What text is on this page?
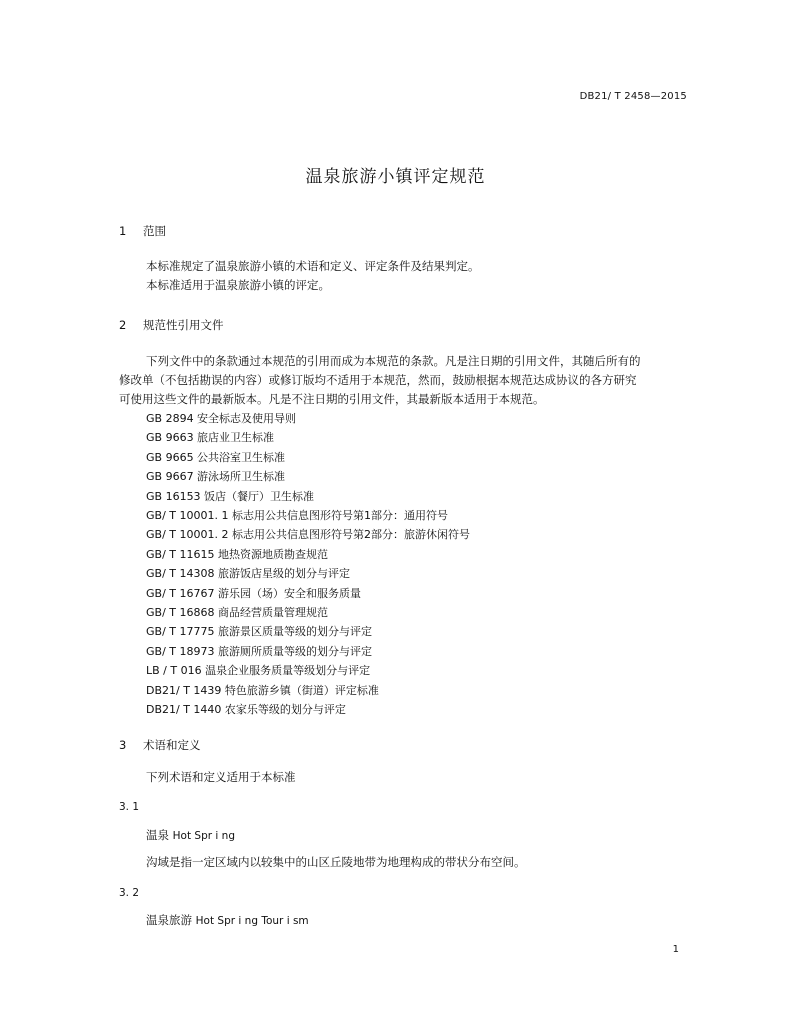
DB21/ T 2458—2015
温泉旅游小镇评定规范
1 范围
本标准规定了温泉旅游小镇的术语和定义、评定条件及结果判定。
本标准适用于温泉旅游小镇的评定。
2 规范性引用文件
下列文件中的条款通过本规范的引用而成为本规范的条款。凡是注日期的引用文件，其随后所有的
修改单（不包括勘误的内容）或修订版均不适用于本规范，然而，鼓励根据本规范达成协议的各方研究
可使用这些文件的最新版本。凡是不注日期的引用文件，其最新版本适用于本规范。
GB 2894 安全标志及使用导则
GB 9663 旅店业卫生标准
GB 9665 公共浴室卫生标准
GB 9667 游泳场所卫生标准
GB 16153 饭店（餐厅）卫生标准
GB/ T 10001. 1 标志用公共信息图形符号第1部分：通用符号
GB/ T 10001. 2 标志用公共信息图形符号第2部分：旅游休闲符号
GB/ T 11615 地热资源地质勘查规范
GB/ T 14308 旅游饭店星级的划分与评定
GB/ T 16767 游乐园（场）安全和服务质量
GB/ T 16868 商品经营质量管理规范
GB/ T 17775 旅游景区质量等级的划分与评定
GB/ T 18973 旅游厕所质量等级的划分与评定
LB / T 016 温泉企业服务质量等级划分与评定
DB21/ T 1439 特色旅游乡镇（街道）评定标准
DB21/ T 1440 农家乐等级的划分与评定
3 术语和定义
下列术语和定义适用于本标准
3. 1
温泉 Hot Spr i ng
沟域是指一定区域内以较集中的山区丘陵地带为地理构成的带状分布空间。
3. 2
温泉旅游 Hot Spr i ng Tour i sm
1
